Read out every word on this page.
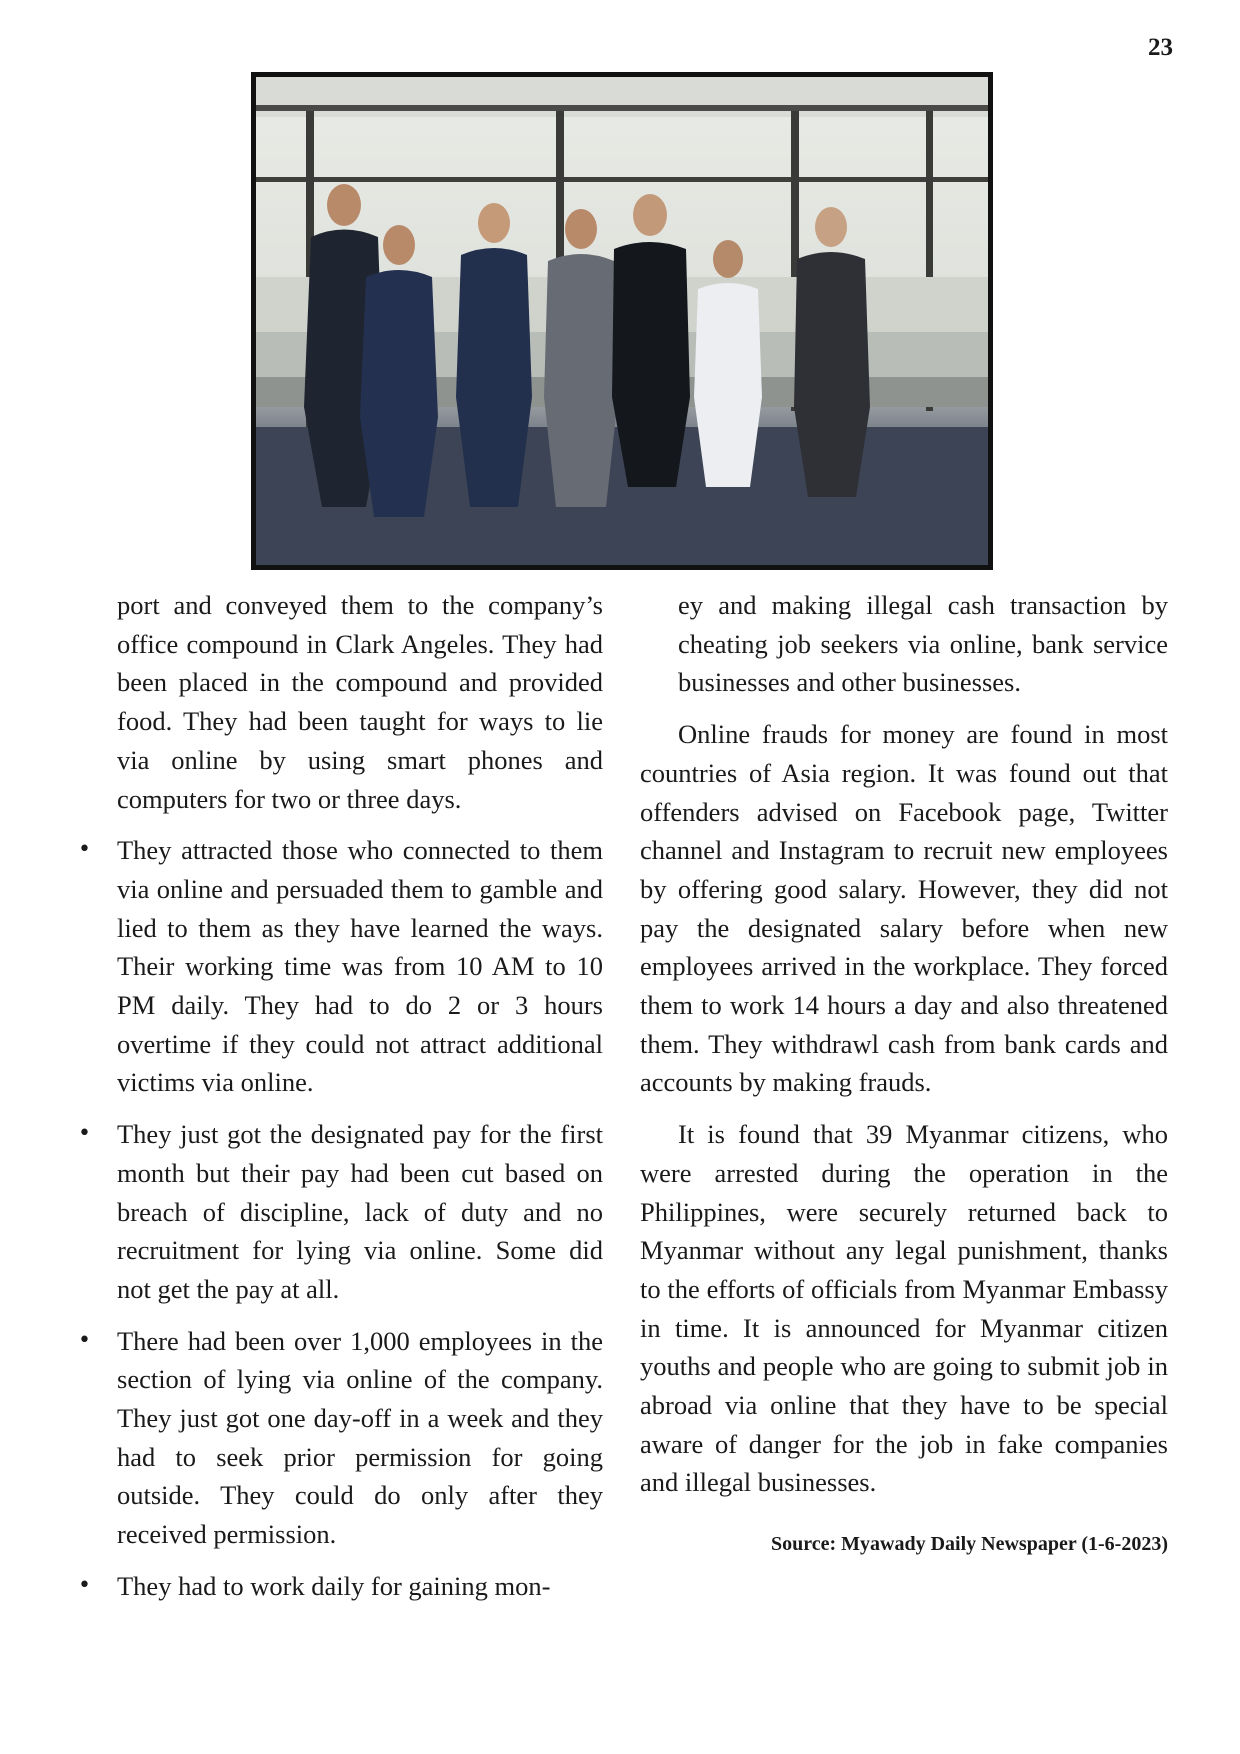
23

port and conveyed them to the company’s office compound in Clark Angeles. They had been placed in the compound and provided food. They had been taught for ways to lie via online by using smart phones and computers for two or three days.

• They attracted those who connected to them via online and persuaded them to gamble and lied to them as they have learned the ways. Their working time was from 10 AM to 10 PM daily. They had to do 2 or 3 hours overtime if they could not attract additional victims via online.
• They just got the designated pay for the first month but their pay had been cut based on breach of discipline, lack of duty and no recruitment for lying via online. Some did not get the pay at all.
• There had been over 1,000 employees in the section of lying via online of the company. They just got one day-off in a week and they had to seek prior permission for going outside. They could do only after they received permission.
• They had to work daily for gaining mon-

ey and making illegal cash transaction by cheating job seekers via online, bank service businesses and other businesses.

Online frauds for money are found in most countries of Asia region. It was found out that offenders advised on Facebook page, Twitter channel and Instagram to recruit new employees by offering good salary. However, they did not pay the designated salary before when new employees arrived in the workplace. They forced them to work 14 hours a day and also threatened them. They withdrawl cash from bank cards and accounts by making frauds.

It is found that 39 Myanmar citizens, who were arrested during the operation in the Philippines, were securely returned back to Myanmar without any legal punishment, thanks to the efforts of officials from Myanmar Embassy in time. It is announced for Myanmar citizen youths and people who are going to submit job in abroad via online that they have to be special aware of danger for the job in fake companies and illegal businesses.

Source: Myawady Daily Newspaper (1-6-2023)
